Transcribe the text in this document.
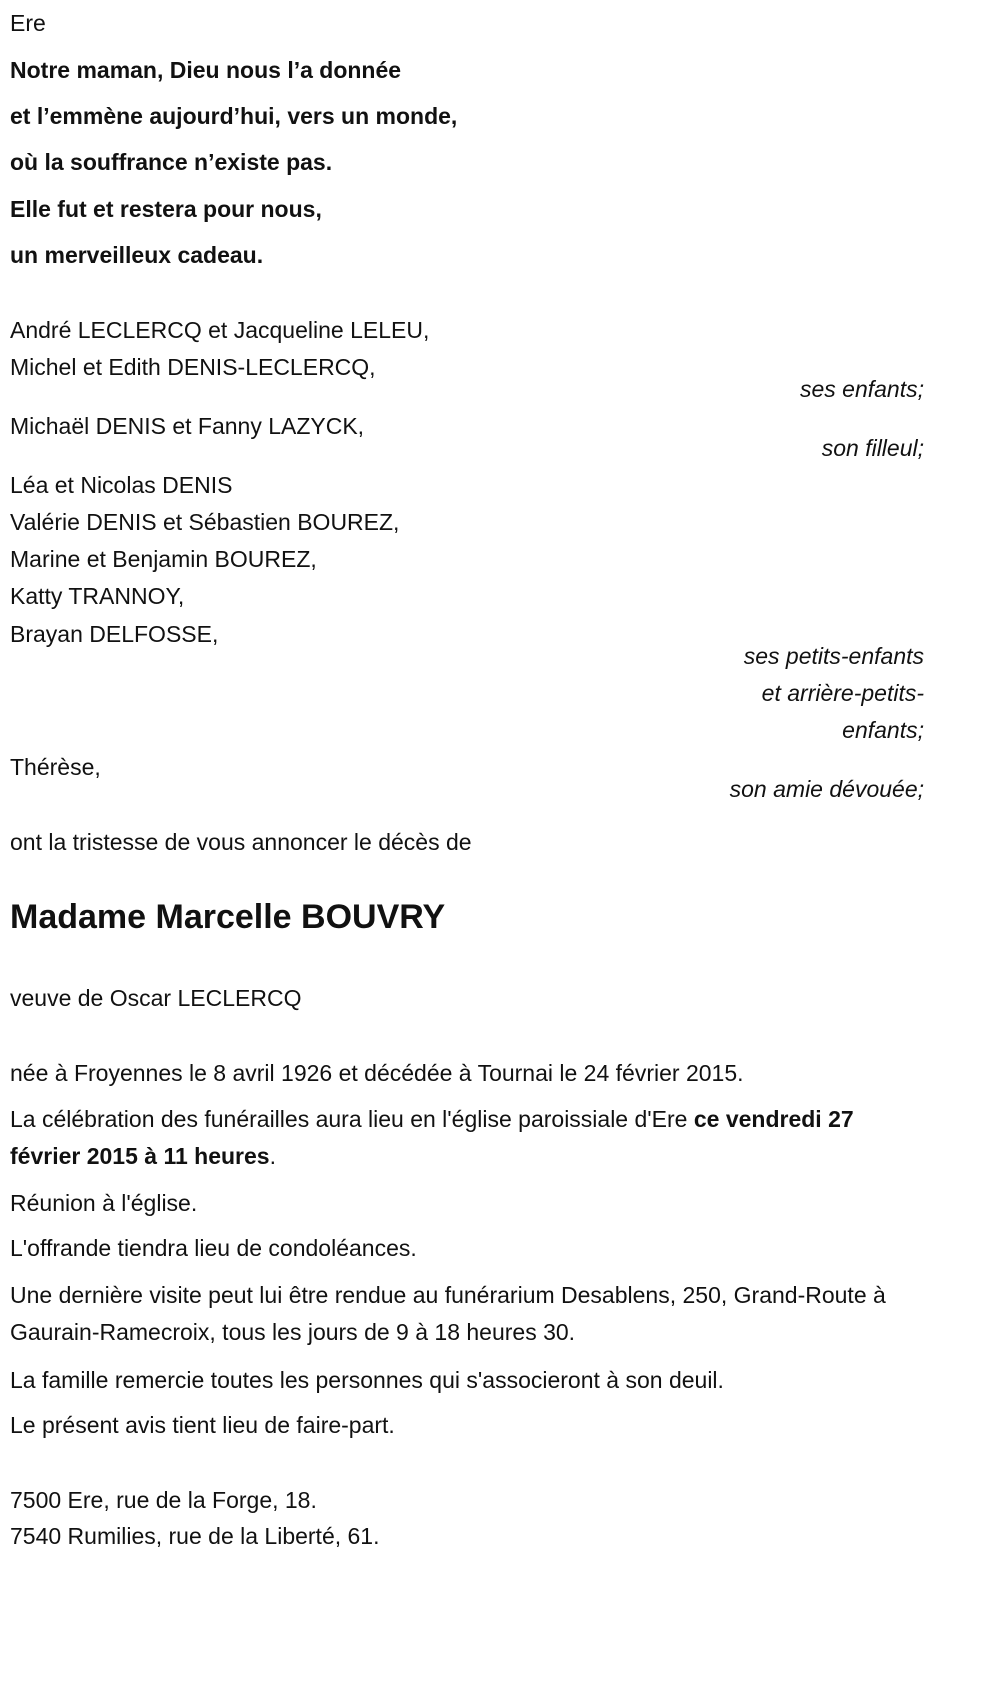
Ere
Notre maman, Dieu nous l’a donnée
et l’emmène aujourd’hui, vers un monde,
où la souffrance n’existe pas.
Elle fut et restera pour nous,
un merveilleux cadeau.
André LECLERCQ et Jacqueline LELEU,
Michel et Edith DENIS-LECLERCQ,
ses enfants;
Michaël DENIS et Fanny LAZYCK,
son filleul;
Léa et Nicolas DENIS
Valérie DENIS et Sébastien BOUREZ,
Marine et Benjamin BOUREZ,
Katty TRANNOY,
Brayan DELFOSSE,
ses petits-enfants
et arrière-petits-
enfants;
Thérèse,
son amie dévouée;
ont la tristesse de vous annoncer le décès de
Madame Marcelle BOUVRY
veuve de Oscar LECLERCQ
née à Froyennes le 8 avril 1926 et décédée à Tournai le 24 février 2015.
La célébration des funérailles aura lieu en l'église paroissiale d'Ere ce vendredi 27 février 2015 à 11 heures.
Réunion à l'église.
L'offrande tiendra lieu de condoléances.
Une dernière visite peut lui être rendue au funérarium Desablens, 250, Grand-Route à Gaurain-Ramecroix, tous les jours de 9 à 18 heures 30.
La famille remercie toutes les personnes qui s'associeront à son deuil.
Le présent avis tient lieu de faire-part.
7500 Ere, rue de la Forge, 18.
7540 Rumilies, rue de la Liberté, 61.
